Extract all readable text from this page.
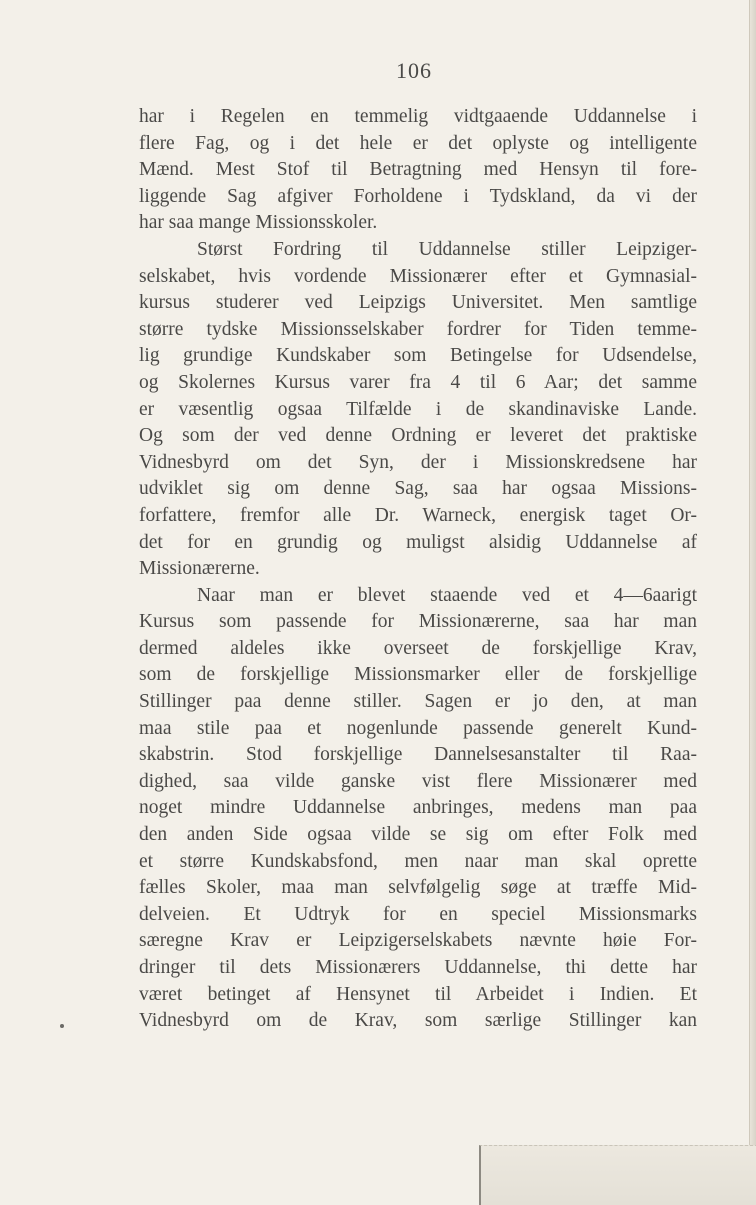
106
har i Regelen en temmelig vidtgaaende Uddannelse i
flere Fag, og i det hele er det oplyste og intelligente
Mænd. Mest Stof til Betragtning med Hensyn til fore-
liggende Sag afgiver Forholdene i Tydskland, da vi der
har saa mange Missionsskoler.
Størst Fordring til Uddannelse stiller Leipziger-
selskabet, hvis vordende Missionærer efter et Gymnasial-
kursus studerer ved Leipzigs Universitet. Men samtlige
større tydske Missionsselskaber fordrer for Tiden temme-
lig grundige Kundskaber som Betingelse for Udsendelse,
og Skolernes Kursus varer fra 4 til 6 Aar; det samme
er væsentlig ogsaa Tilfælde i de skandinaviske Lande.
Og som der ved denne Ordning er leveret det praktiske
Vidnesbyrd om det Syn, der i Missionskredsene har
udviklet sig om denne Sag, saa har ogsaa Missions-
forfattere, fremfor alle Dr. Warneck, energisk taget Or-
det for en grundig og muligst alsidig Uddannelse af
Missionærerne.
Naar man er blevet staaende ved et 4—6aarigt
Kursus som passende for Missionærerne, saa har man
dermed aldeles ikke overseet de forskjellige Krav,
som de forskjellige Missionsmarker eller de forskjellige
Stillinger paa denne stiller. Sagen er jo den, at man
maa stile paa et nogenlunde passende generelt Kund-
skabstrin. Stod forskjellige Dannelsesanstalter til Raa-
dighed, saa vilde ganske vist flere Missionærer med
noget mindre Uddannelse anbringes, medens man paa
den anden Side ogsaa vilde se sig om efter Folk med
et større Kundskabsfond, men naar man skal oprette
fælles Skoler, maa man selvfølgelig søge at træffe Mid-
delveien. Et Udtryk for en speciel Missionsmarks
særegne Krav er Leipzigerselskabets nævnte høie For-
dringer til dets Missionærers Uddannelse, thi dette har
været betinget af Hensynet til Arbeidet i Indien. Et
Vidnesbyrd om de Krav, som særlige Stillinger kan
